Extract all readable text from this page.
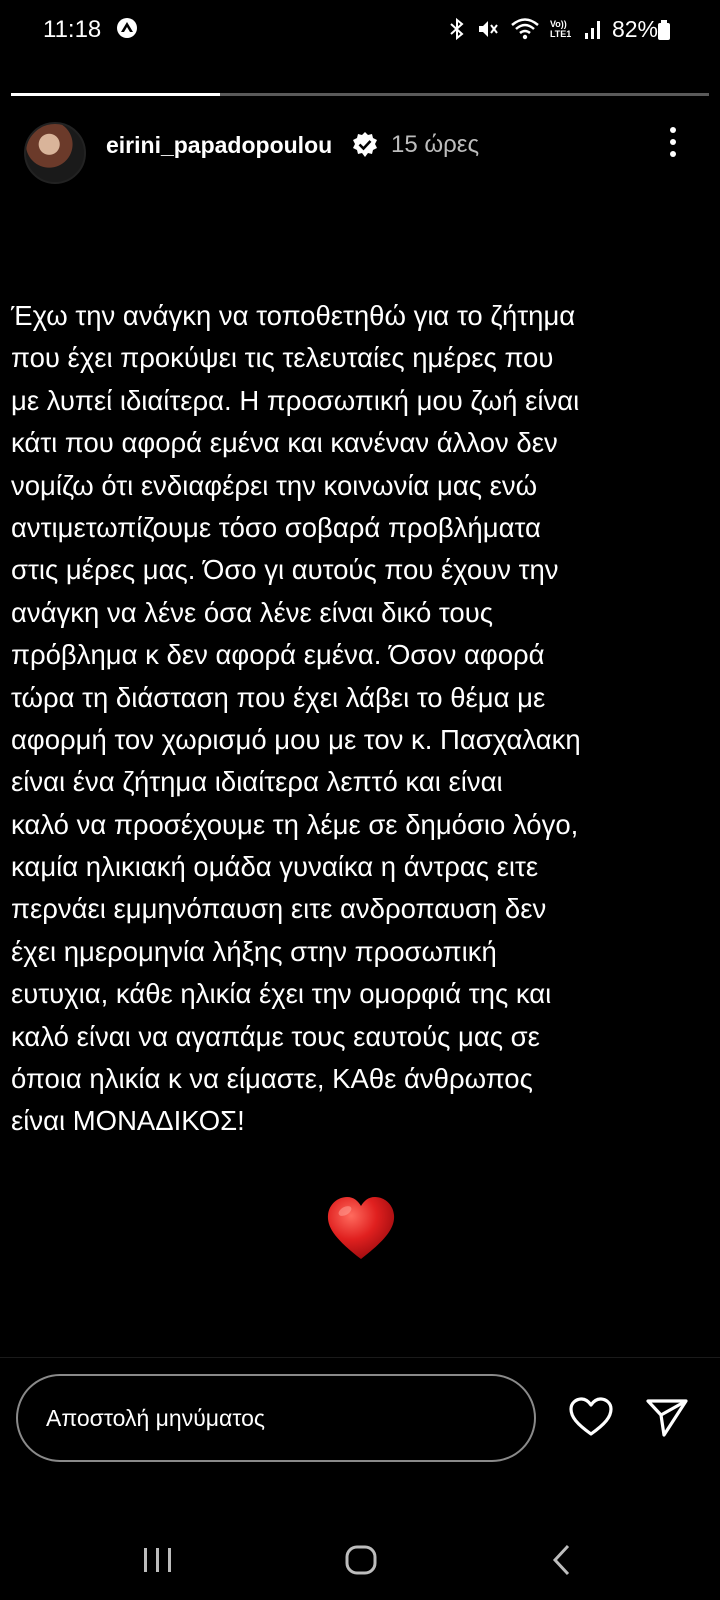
11:18	Vo)) LTE1 82%
eirini_papadopoulou 15 ώρες
Έχω την ανάγκη να τοποθετηθώ για το ζήτημα
που έχει προκύψει τις τελευταίες ημέρες που
με λυπεί ιδιαίτερα. Η προσωπική μου ζωή είναι
κάτι που αφορά εμένα και κανέναν άλλον δεν
νομίζω ότι ενδιαφέρει την κοινωνία μας ενώ
αντιμετωπίζουμε τόσο σοβαρά προβλήματα
στις μέρες μας. Όσο γι αυτούς που έχουν την
ανάγκη να λένε όσα λένε είναι δικό τους
πρόβλημα κ δεν αφορά εμένα. Όσον αφορά
τώρα τη διάσταση που έχει λάβει το θέμα με
αφορμή τον χωρισμό μου με τον κ. Πασχαλακη
είναι ένα ζήτημα ιδιαίτερα λεπτό και είναι
καλό να προσέχουμε τη λέμε σε δημόσιο λόγο,
καμία ηλικιακή ομάδα γυναίκα η άντρας ειτε
περνάει εμμηνόπαυση ειτε ανδροπαυση δεν
έχει ημερομηνία λήξης στην προσωπική
ευτυχια, κάθε ηλικία έχει την ομορφιά της και
καλό είναι να αγαπάμε τους εαυτούς μας σε
όποια ηλικία κ να είμαστε, ΚΑθε άνθρωπος
είναι ΜΟΝΑΔΙΚΟΣ!
Αποστολή μηνύματος
